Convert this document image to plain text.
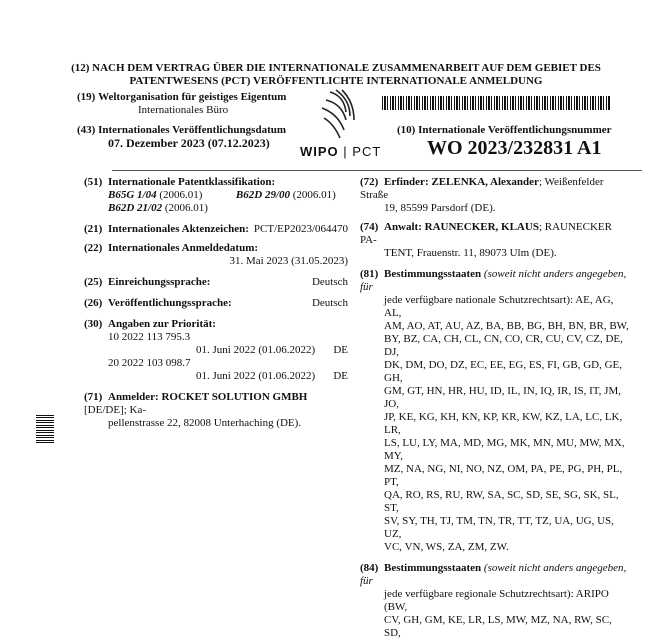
(12) NACH DEM VERTRAG ÜBER DIE INTERNATIONALE ZUSAMMENARBEIT AUF DEM GEBIET DES
PATENTWESENS (PCT) VERÖFFENTLICHTE INTERNATIONALE ANMELDUNG
(19) Weltorganisation für geistiges Eigentum
Internationales Büro
(43) Internationales Veröffentlichungsdatum
07. Dezember 2023 (07.12.2023)
WIPO | PCT
(10) Internationale Veröffentlichungsnummer
WO 2023/232831 A1
(51) Internationale Patentklassifikation:
B65G 1/04 (2006.01)	B62D 29/00 (2006.01)
B62D 21/02 (2006.01)
(21) Internationales Aktenzeichen: PCT/EP2023/064470
(22) Internationales Anmeldedatum:
31. Mai 2023 (31.05.2023)
(25) Einreichungssprache:	Deutsch
(26) Veröffentlichungssprache:	Deutsch
(30) Angaben zur Priorität:
10 2022 113 795.3
01. Juni 2022 (01.06.2022) DE
20 2022 103 098.7
01. Juni 2022 (01.06.2022) DE
(71) Anmelder: ROCKET SOLUTION GMBH [DE/DE]; Ka-
pellenstrasse 22, 82008 Unterhaching (DE).
(72) Erfinder: ZELENKA, Alexander; Weißenfelder Straße
19, 85599 Parsdorf (DE).
(74) Anwalt: RAUNECKER, KLAUS; RAUNECKER PA-
TENT, Frauenstr. 11, 89073 Ulm (DE).
(81) Bestimmungsstaaten (soweit nicht anders angegeben, für
jede verfügbare nationale Schutzrechtsart): AE, AG, AL,
AM, AO, AT, AU, AZ, BA, BB, BG, BH, BN, BR, BW,
BY, BZ, CA, CH, CL, CN, CO, CR, CU, CV, CZ, DE, DJ,
DK, DM, DO, DZ, EC, EE, EG, ES, FI, GB, GD, GE, GH,
GM, GT, HN, HR, HU, ID, IL, IN, IQ, IR, IS, IT, JM, JO,
JP, KE, KG, KH, KN, KP, KR, KW, KZ, LA, LC, LK, LR,
LS, LU, LY, MA, MD, MG, MK, MN, MU, MW, MX, MY,
MZ, NA, NG, NI, NO, NZ, OM, PA, PE, PG, PH, PL, PT,
QA, RO, RS, RU, RW, SA, SC, SD, SE, SG, SK, SL, ST,
SV, SY, TH, TJ, TM, TN, TR, TT, TZ, UA, UG, US, UZ,
VC, VN, WS, ZA, ZM, ZW.
(84) Bestimmungsstaaten (soweit nicht anders angegeben, für
jede verfügbare regionale Schutzrechtsart): ARIPO (BW,
CV, GH, GM, KE, LR, LS, MW, MZ, NA, RW, SC, SD,
